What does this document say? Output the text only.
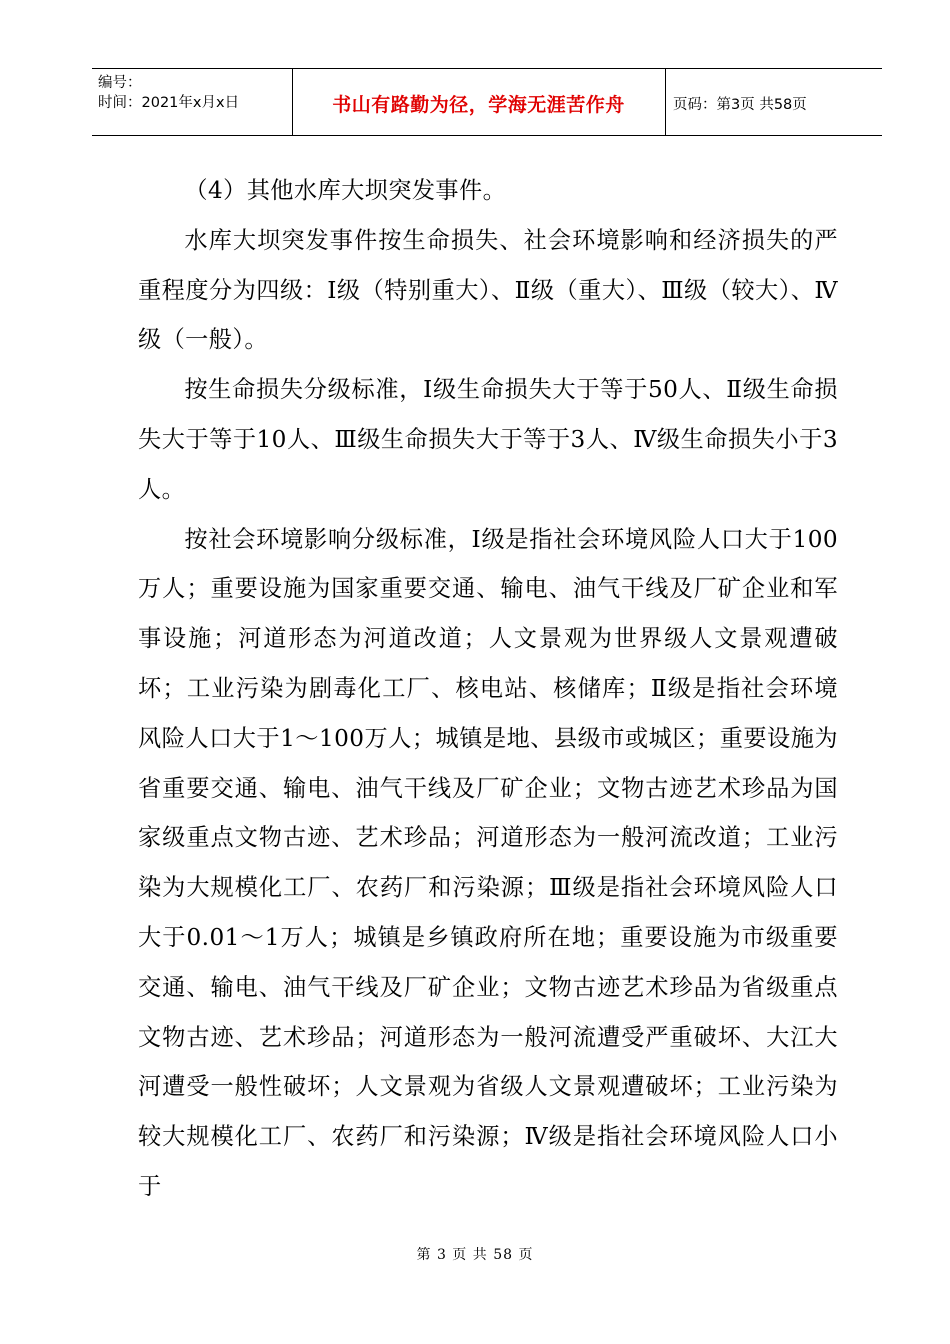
编号：
时间：2021年x月x日	书山有路勤为径，学海无涯苦作舟	页码：第3页 共58页

（4）其他水库大坝突发事件。

水库大坝突发事件按生命损失、社会环境影响和经济损失的严重程度分为四级：Ⅰ级（特别重大）、Ⅱ级（重大）、Ⅲ级（较大）、Ⅳ级（一般）。

按生命损失分级标准，Ⅰ级生命损失大于等于50人、Ⅱ级生命损失大于等于10人、Ⅲ级生命损失大于等于3人、Ⅳ级生命损失小于3人。

按社会环境影响分级标准，Ⅰ级是指社会环境风险人口大于100万人；重要设施为国家重要交通、输电、油气干线及厂矿企业和军事设施；河道形态为河道改道；人文景观为世界级人文景观遭破坏；工业污染为剧毒化工厂、核电站、核储库；Ⅱ级是指社会环境风险人口大于1～100万人；城镇是地、县级市或城区；重要设施为省重要交通、输电、油气干线及厂矿企业；文物古迹艺术珍品为国家级重点文物古迹、艺术珍品；河道形态为一般河流改道；工业污染为大规模化工厂、农药厂和污染源；Ⅲ级是指社会环境风险人口大于0.01～1万人；城镇是乡镇政府所在地；重要设施为市级重要交通、输电、油气干线及厂矿企业；文物古迹艺术珍品为省级重点文物古迹、艺术珍品；河道形态为一般河流遭受严重破坏、大江大河遭受一般性破坏；人文景观为省级人文景观遭破坏；工业污染为较大规模化工厂、农药厂和污染源；Ⅳ级是指社会环境风险人口小于

第 3 页 共 58 页
